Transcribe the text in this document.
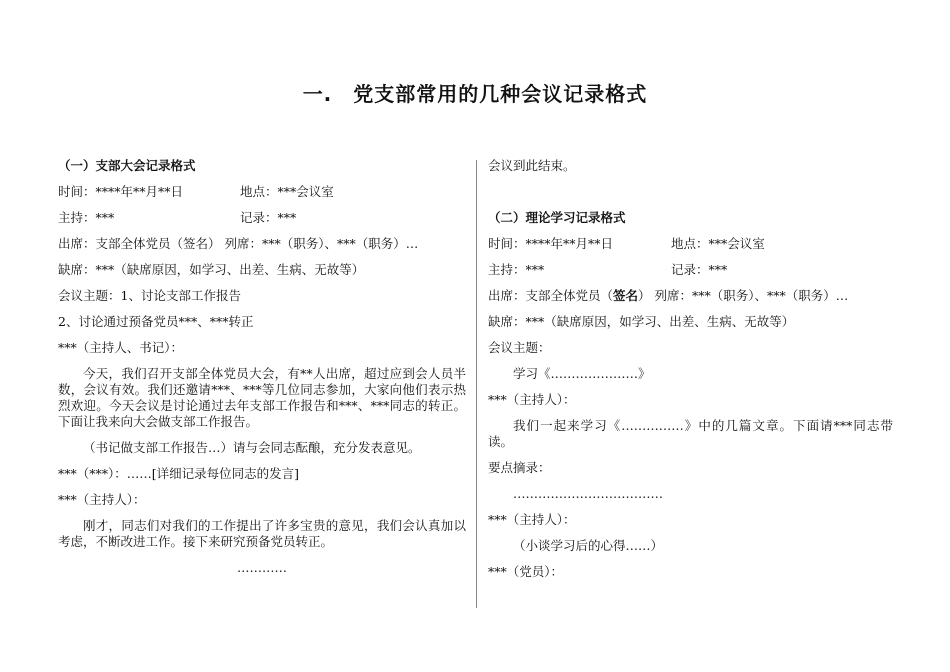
一.　党支部常用的几种会议记录格式
（一）支部大会记录格式
时间：****年**月**日	地点：***会议室
主持：***	记录：***
出席：支部全体党员（签名） 列席：***（职务）、***（职务）…
缺席：***（缺席原因，如学习、出差、生病、无故等）
会议主题：1、讨论支部工作报告
2、讨论通过预备党员***、***转正
***（主持人、书记）：
今天，我们召开支部全体党员大会，有**人出席，超过应到会人员半数，会议有效。我们还邀请***、***等几位同志参加，大家向他们表示热烈欢迎。今天会议是讨论通过去年支部工作报告和***、***同志的转正。下面让我来向大会做支部工作报告。
（书记做支部工作报告…）请与会同志酝酿，充分发表意见。
***（***）：……[详细记录每位同志的发言]
***（主持人）：
刚才，同志们对我们的工作提出了许多宝贵的意见，我们会认真加以考虑，不断改进工作。接下来研究预备党员转正。
…………
会议到此结束。
（二）理论学习记录格式
时间：****年**月**日	地点：***会议室
主持：***	记录：***
出席：支部全体党员（签名） 列席：***（职务）、***（职务）…
缺席：***（缺席原因，如学习、出差、生病、无故等）
会议主题：
学习《…………………》
***（主持人）：
我们一起来学习《……………》中的几篇文章。下面请***同志带读。
要点摘录：
………………………………
***（主持人）：
（小谈学习后的心得……）
***（党员）：
